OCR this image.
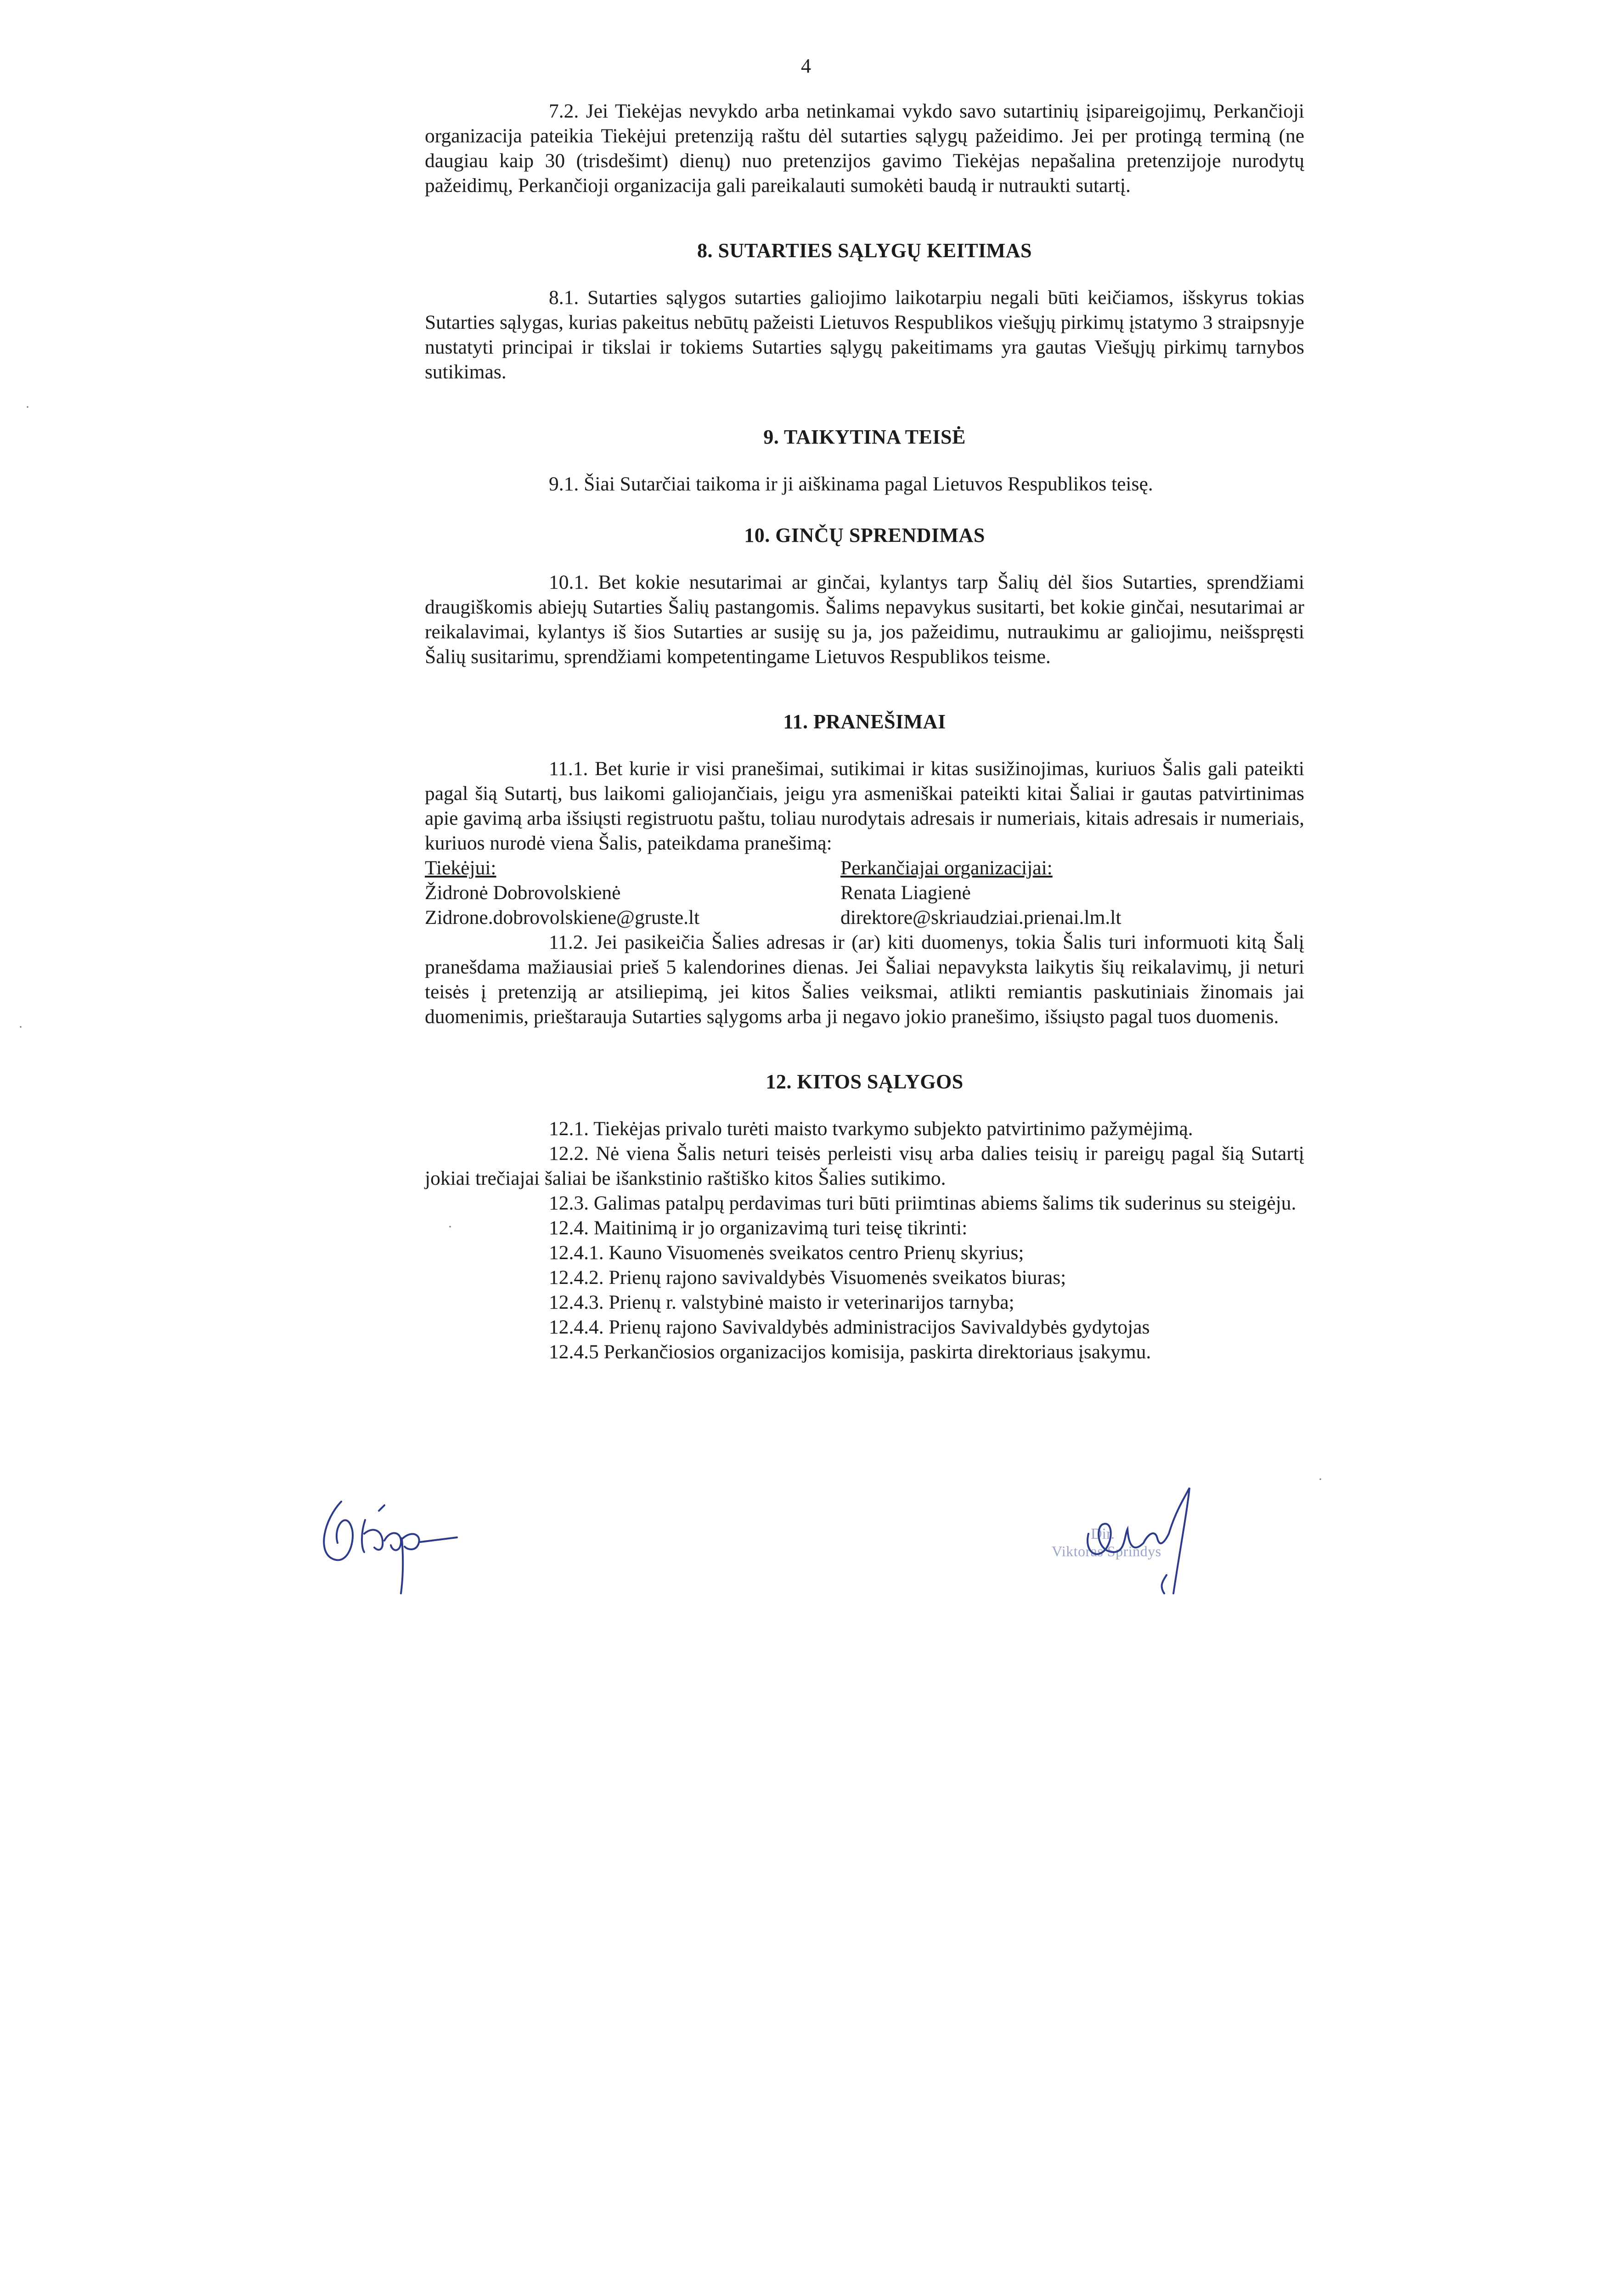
4

7.2. Jei Tiekėjas nevykdo arba netinkamai vykdo savo sutartinių įsipareigojimų, Perkančioji organizacija pateikia Tiekėjui pretenziją raštu dėl sutarties sąlygų pažeidimo. Jei per protingą terminą (ne daugiau kaip 30 (trisdešimt) dienų) nuo pretenzijos gavimo Tiekėjas nepašalina pretenzijoje nurodytų pažeidimų, Perkančioji organizacija gali pareikalauti sumokėti baudą ir nutraukti sutartį.

8. SUTARTIES SĄLYGŲ KEITIMAS

8.1. Sutarties sąlygos sutarties galiojimo laikotarpiu negali būti keičiamos, išskyrus tokias Sutarties sąlygas, kurias pakeitus nebūtų pažeisti Lietuvos Respublikos viešųjų pirkimų įstatymo 3 straipsnyje nustatyti principai ir tikslai ir tokiems Sutarties sąlygų pakeitimams yra gautas Viešųjų pirkimų tarnybos sutikimas.

9. TAIKYTINA TEISĖ

9.1. Šiai Sutarčiai taikoma ir ji aiškinama pagal Lietuvos Respublikos teisę.

10. GINČŲ SPRENDIMAS

10.1. Bet kokie nesutarimai ar ginčai, kylantys tarp Šalių dėl šios Sutarties, sprendžiami draugiškomis abiejų Sutarties Šalių pastangomis. Šalims nepavykus susitarti, bet kokie ginčai, nesutarimai ar reikalavimai, kylantys iš šios Sutarties ar susiję su ja, jos pažeidimu, nutraukimu ar galiojimu, neišspręsti Šalių susitarimu, sprendžiami kompetentingame Lietuvos Respublikos teisme.

11. PRANEŠIMAI

11.1. Bet kurie ir visi pranešimai, sutikimai ir kitas susižinojimas, kuriuos Šalis gali pateikti pagal šią Sutartį, bus laikomi galiojančiais, jeigu yra asmeniškai pateikti kitai Šaliai ir gautas patvirtinimas apie gavimą arba išsiųsti registruotu paštu, toliau nurodytais adresais ir numeriais, kitais adresais ir numeriais, kuriuos nurodė viena Šalis, pateikdama pranešimą:

Tiekėjui:	Perkančiajai organizacijai:
Židronė Dobrovolskienė	Renata Liagienė
Zidrone.dobrovolskiene@gruste.lt	direktore@skriaudziai.prienai.lm.lt

11.2. Jei pasikeičia Šalies adresas ir (ar) kiti duomenys, tokia Šalis turi informuoti kitą Šalį pranešdama mažiausiai prieš 5 kalendorines dienas. Jei Šaliai nepavyksta laikytis šių reikalavimų, ji neturi teisės į pretenziją ar atsiliepimą, jei kitos Šalies veiksmai, atlikti remiantis paskutiniais žinomais jai duomenimis, prieštarauja Sutarties sąlygoms arba ji negavo jokio pranešimo, išsiųsto pagal tuos duomenis.

12. KITOS SĄLYGOS

12.1. Tiekėjas privalo turėti maisto tvarkymo subjekto patvirtinimo pažymėjimą.

12.2. Nė viena Šalis neturi teisės perleisti visų arba dalies teisių ir pareigų pagal šią Sutartį jokiai trečiajai šaliai be išankstinio raštiško kitos Šalies sutikimo.

12.3. Galimas patalpų perdavimas turi būti priimtinas abiems šalims tik suderinus su steigėju.

12.4. Maitinimą ir jo organizavimą turi teisę tikrinti:

12.4.1. Kauno Visuomenės sveikatos centro Prienų skyrius;

12.4.2. Prienų rajono savivaldybės Visuomenės sveikatos biuras;

12.4.3. Prienų r. valstybinė maisto ir veterinarijos tarnyba;

12.4.4. Prienų rajono Savivaldybės administracijos Savivaldybės gydytojas

12.4.5 Perkančiosios organizacijos komisija, paskirta direktoriaus įsakymu.

Dir.
Viktoras Sprindys
·
·
·
·
